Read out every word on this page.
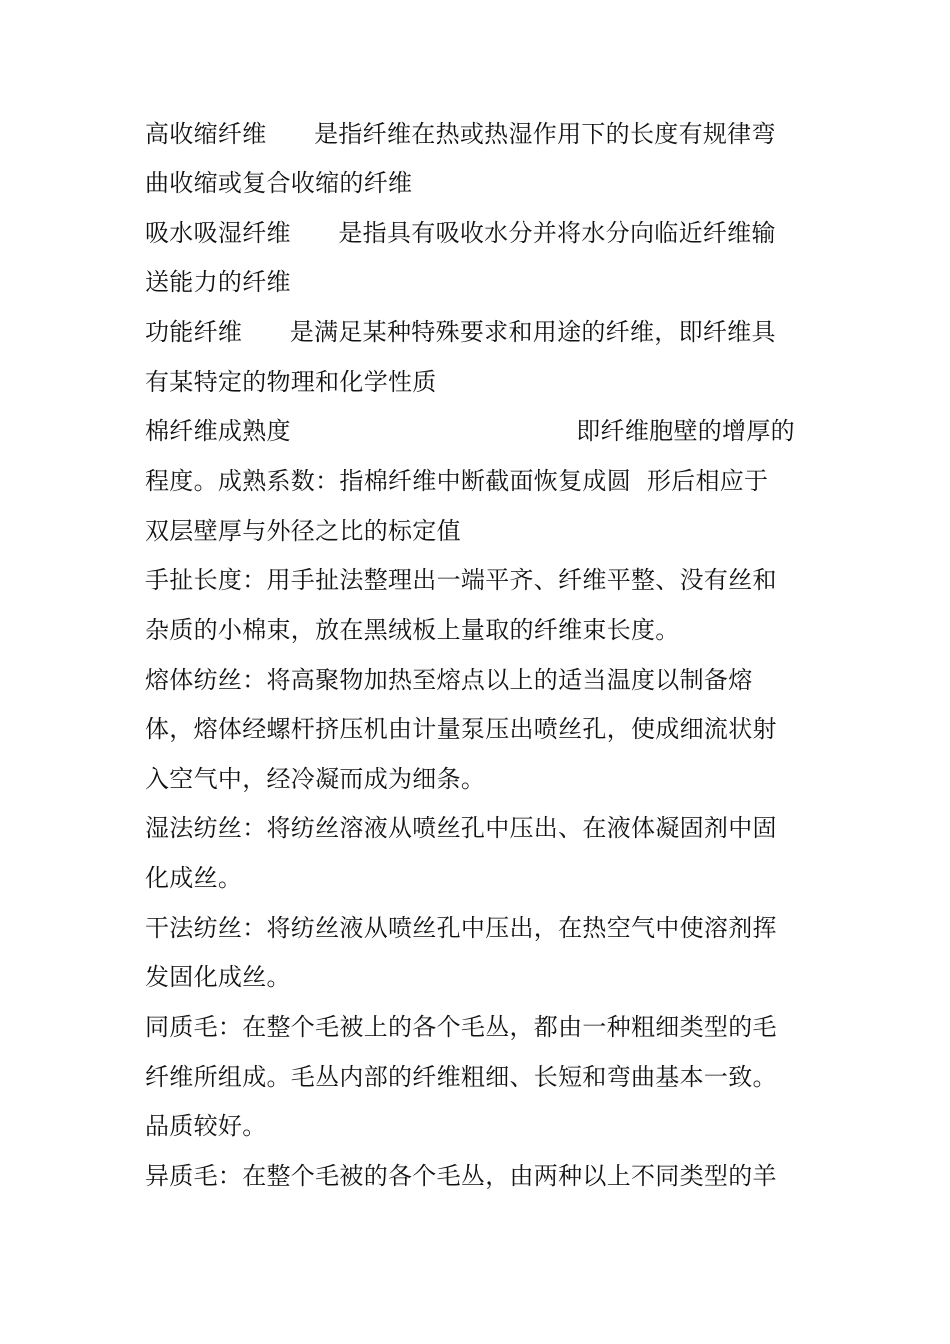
高收缩纤维      是指纤维在热或热湿作用下的长度有规律弯
曲收缩或复合收缩的纤维
吸水吸湿纤维      是指具有吸收水分并将水分向临近纤维输
送能力的纤维
功能纤维      是满足某种特殊要求和用途的纤维，即纤维具
有某特定的物理和化学性质
棉纤维成熟度                                    即纤维胞壁的增厚的
程度。成熟系数：指棉纤维中断截面恢复成圆  形后相应于
双层壁厚与外径之比的标定值
手扯长度：用手扯法整理出一端平齐、纤维平整、没有丝和
杂质的小棉束，放在黑绒板上量取的纤维束长度。
熔体纺丝：将高聚物加热至熔点以上的适当温度以制备熔
体，熔体经螺杆挤压机由计量泵压出喷丝孔，使成细流状射
入空气中，经冷凝而成为细条。
湿法纺丝：将纺丝溶液从喷丝孔中压出、在液体凝固剂中固
化成丝。
干法纺丝：将纺丝液从喷丝孔中压出，在热空气中使溶剂挥
发固化成丝。
同质毛：在整个毛被上的各个毛丛，都由一种粗细类型的毛
纤维所组成。毛丛内部的纤维粗细、长短和弯曲基本一致。
品质较好。
异质毛：在整个毛被的各个毛丛，由两种以上不同类型的羊
